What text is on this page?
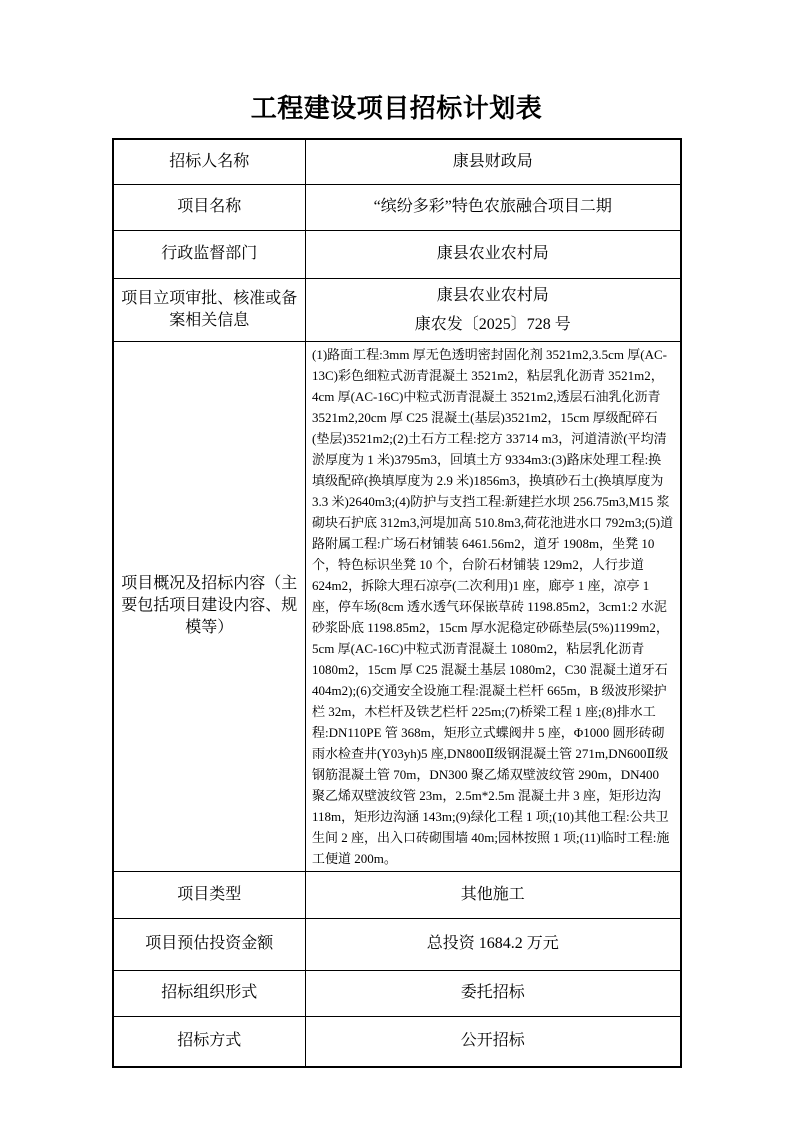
工程建设项目招标计划表
招标人名称	康县财政局
项目名称	“缤纷多彩”特色农旅融合项目二期
行政监督部门	康县农业农村局
项目立项审批、核准或备案相关信息	康县农业农村局
康农发〔2025〕728 号

项目概况及招标内容（主要包括项目建设内容、规模等）	(1)路面工程:3mm 厚无色透明密封固化剂 3521m2,3.5cm 厚(AC-13C)彩色细粒式沥青混凝土 3521m2，粘层乳化沥青 3521m2，4cm 厚(AC-16C)中粒式沥青混凝土 3521m2,透层石油乳化沥青 3521m2,20cm 厚 C25 混凝土(基层)3521m2，15cm 厚级配碎石(垫层)3521m2;(2)土石方工程:挖方 33714 m3，河道清淤(平均清淤厚度为 1 米)3795m3，回填土方 9334m3:(3)路床处理工程:换填级配碎(换填厚度为 2.9 米)1856m3，换填砂石土(换填厚度为 3.3 米)2640m3;(4)防护与支挡工程:新建拦水坝 256.75m3,M15 浆砌块石护底 312m3,河堤加高 510.8m3,荷花池进水口 792m3;(5)道路附属工程:广场石材铺装 6461.56m2，道牙 1908m，坐凳 10 个，特色标识坐凳 10 个，台阶石材铺装 129m2，人行步道 624m2，拆除大理石凉亭(二次利用)1 座，廊亭 1 座，凉亭 1 座，停车场(8cm 透水透气环保嵌草砖 1198.85m2，3cm1:2 水泥砂浆卧底 1198.85m2，15cm 厚水泥稳定砂砾垫层(5%)1199m2，5cm 厚(AC-16C)中粒式沥青混凝土 1080m2，粘层乳化沥青 1080m2，15cm 厚 C25 混凝土基层 1080m2，C30 混凝土道牙石 404m2);(6)交通安全设施工程:混凝土栏杆 665m，B 级波形梁护栏 32m，木栏杆及铁艺栏杆 225m;(7)桥梁工程 1 座;(8)排水工程:DN110PE 管 368m，矩形立式蝶阀井 5 座，Φ1000 圆形砖砌雨水检查井(Y03yh)5 座,DN800Ⅱ级钢混凝土管 271m,DN600Ⅱ级钢筋混凝土管 70m，DN300 聚乙烯双壁波纹管 290m，DN400 聚乙烯双壁波纹管 23m，2.5m*2.5m 混凝土井 3 座，矩形边沟 118m，矩形边沟涵 143m;(9)绿化工程 1 项;(10)其他工程:公共卫生间 2 座，出入口砖砌围墙 40m;园林按照 1 项;(11)临时工程:施工便道 200m。
项目类型	其他施工
项目预估投资金额	总投资 1684.2 万元
招标组织形式	委托招标
招标方式	公开招标
